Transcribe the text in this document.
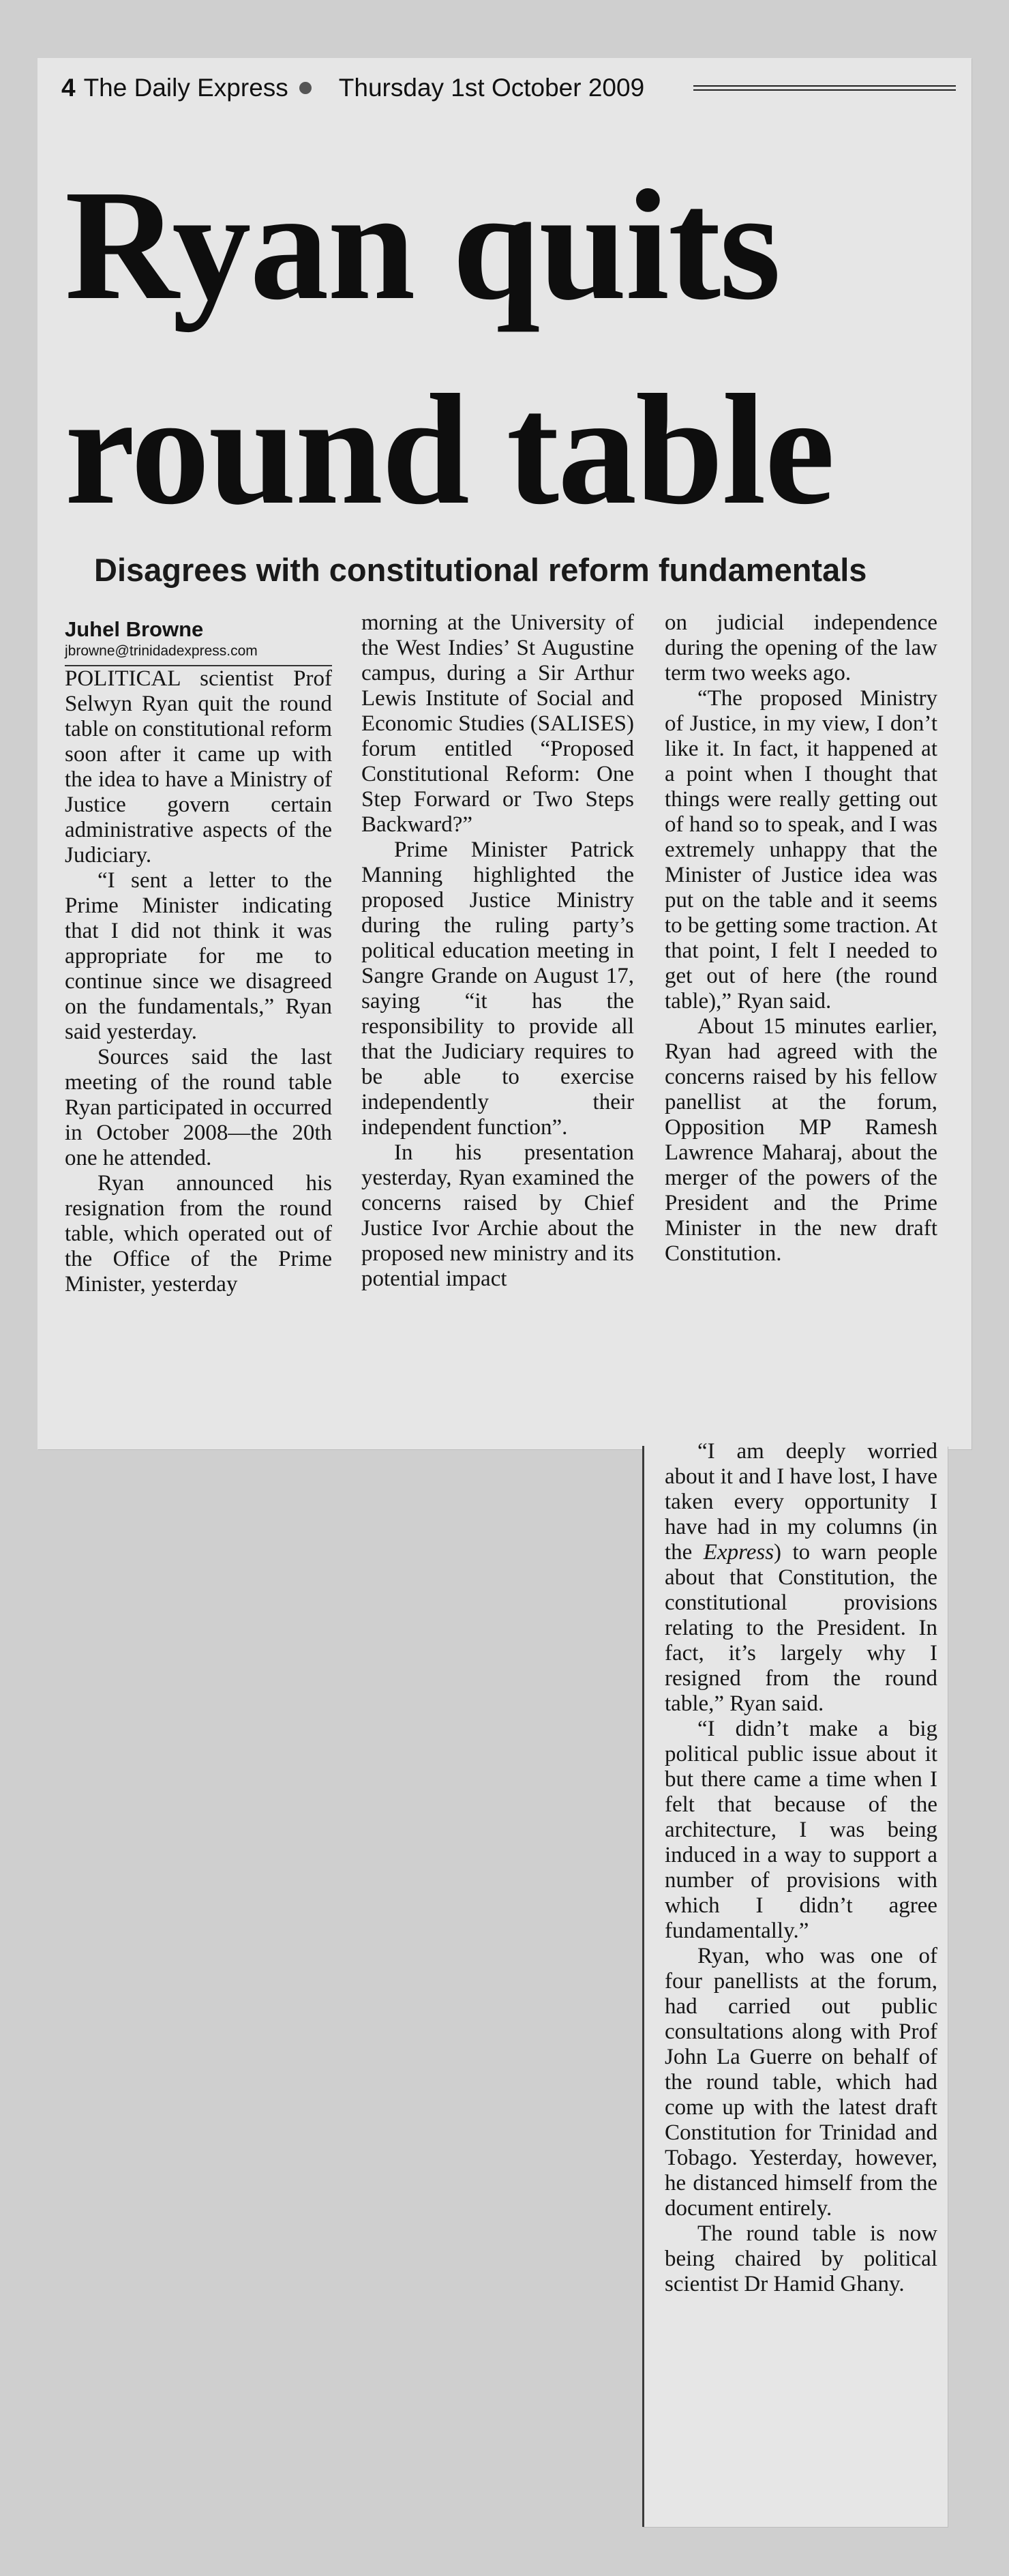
4 The Daily Express Thursday 1st October 2009
Ryan quits
round table
Disagrees with constitutional reform fundamentals

Juhel Browne

jbrowne@trinidadexpress.com

POLITICAL scientist Prof Selwyn Ryan quit the round table on constitutional reform soon after it came up with the idea to have a Ministry of Justice govern certain administrative aspects of the Judiciary.

“I sent a letter to the Prime Minister indicating that I did not think it was appropriate for me to continue since we disagreed on the fundamentals,” Ryan said yesterday.

Sources said the last meeting of the round table Ryan participated in occurred in October 2008—the 20th one he attended.

Ryan announced his resignation from the round table, which operated out of the Office of the Prime Minister, yesterday

morning at the University of the West Indies’ St Augustine campus, during a Sir Arthur Lewis Institute of Social and Economic Studies (SALISES) forum entitled “Proposed Constitutional Reform: One Step Forward or Two Steps Backward?”

Prime Minister Patrick Manning highlighted the proposed Justice Ministry during the ruling party’s political education meeting in Sangre Grande on August 17, saying “it has the responsibility to provide all that the Judiciary requires to be able to exercise independently their independent function”.

In his presentation yesterday, Ryan examined the concerns raised by Chief Justice Ivor Archie about the proposed new ministry and its potential impact

on judicial independence during the opening of the law term two weeks ago.

“The proposed Ministry of Justice, in my view, I don’t like it. In fact, it happened at a point when I thought that things were really getting out of hand so to speak, and I was extremely unhappy that the Minister of Justice idea was put on the table and it seems to be getting some traction. At that point, I felt I needed to get out of here (the round table),” Ryan said.

About 15 minutes earlier, Ryan had agreed with the concerns raised by his fellow panellist at the forum, Opposition MP Ramesh Lawrence Maharaj, about the merger of the powers of the President and the Prime Minister in the new draft Constitution.

“I am deeply worried about it and I have lost, I have taken every opportunity I have had in my columns (in the Express) to warn people about that Constitution, the constitutional provisions relating to the President. In fact, it’s largely why I resigned from the round table,” Ryan said.

“I didn’t make a big political public issue about it but there came a time when I felt that because of the architecture, I was being induced in a way to support a number of provisions with which I didn’t agree fundamentally.”

Ryan, who was one of four panellists at the forum, had carried out public consultations along with Prof John La Guerre on behalf of the round table, which had come up with the latest draft Constitution for Trinidad and Tobago. Yesterday, however, he distanced himself from the document entirely.

The round table is now being chaired by political scientist Dr Hamid Ghany.
